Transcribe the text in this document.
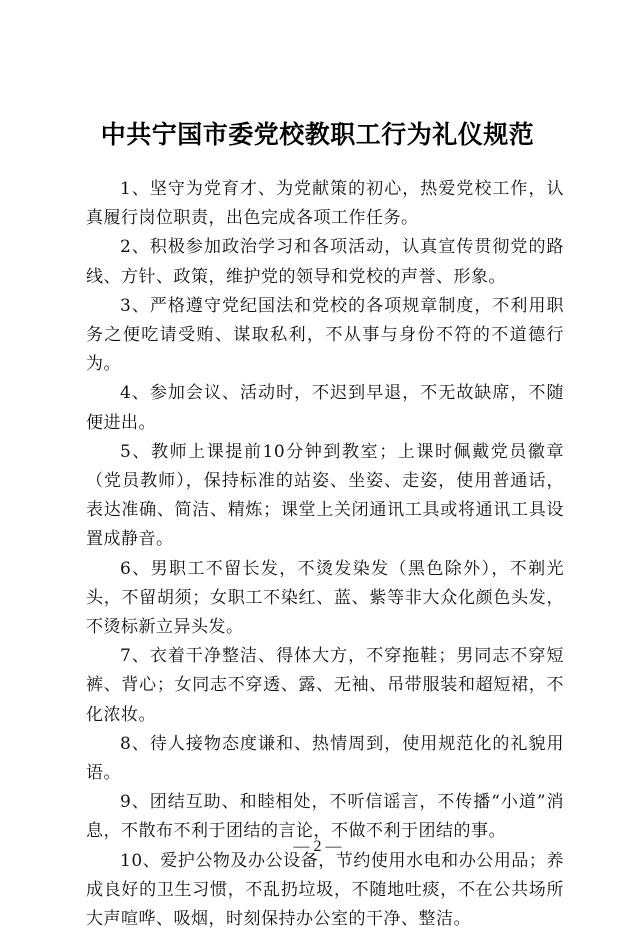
中共宁国市委党校教职工行为礼仪规范

1、坚守为党育才、为党献策的初心，热爱党校工作，认真履行岗位职责，出色完成各项工作任务。

2、积极参加政治学习和各项活动，认真宣传贯彻党的路线、方针、政策，维护党的领导和党校的声誉、形象。

3、严格遵守党纪国法和党校的各项规章制度，不利用职务之便吃请受贿、谋取私利，不从事与身份不符的不道德行为。

4、参加会议、活动时，不迟到早退，不无故缺席，不随便进出。

5、教师上课提前10分钟到教室；上课时佩戴党员徽章（党员教师），保持标准的站姿、坐姿、走姿，使用普通话，表达准确、简洁、精炼；课堂上关闭通讯工具或将通讯工具设置成静音。

6、男职工不留长发，不烫发染发（黑色除外），不剃光头，不留胡须；女职工不染红、蓝、紫等非大众化颜色头发，不烫标新立异头发。

7、衣着干净整洁、得体大方，不穿拖鞋；男同志不穿短裤、背心；女同志不穿透、露、无袖、吊带服装和超短裙，不化浓妆。

8、待人接物态度谦和、热情周到，使用规范化的礼貌用语。

9、团结互助、和睦相处，不听信谣言，不传播“小道”消息，不散布不利于团结的言论，不做不利于团结的事。

10、爱护公物及办公设备，节约使用水电和办公用品；养成良好的卫生习惯，不乱扔垃圾，不随地吐痰，不在公共场所大声喧哗、吸烟，时刻保持办公室的干净、整洁。

— 2 —
